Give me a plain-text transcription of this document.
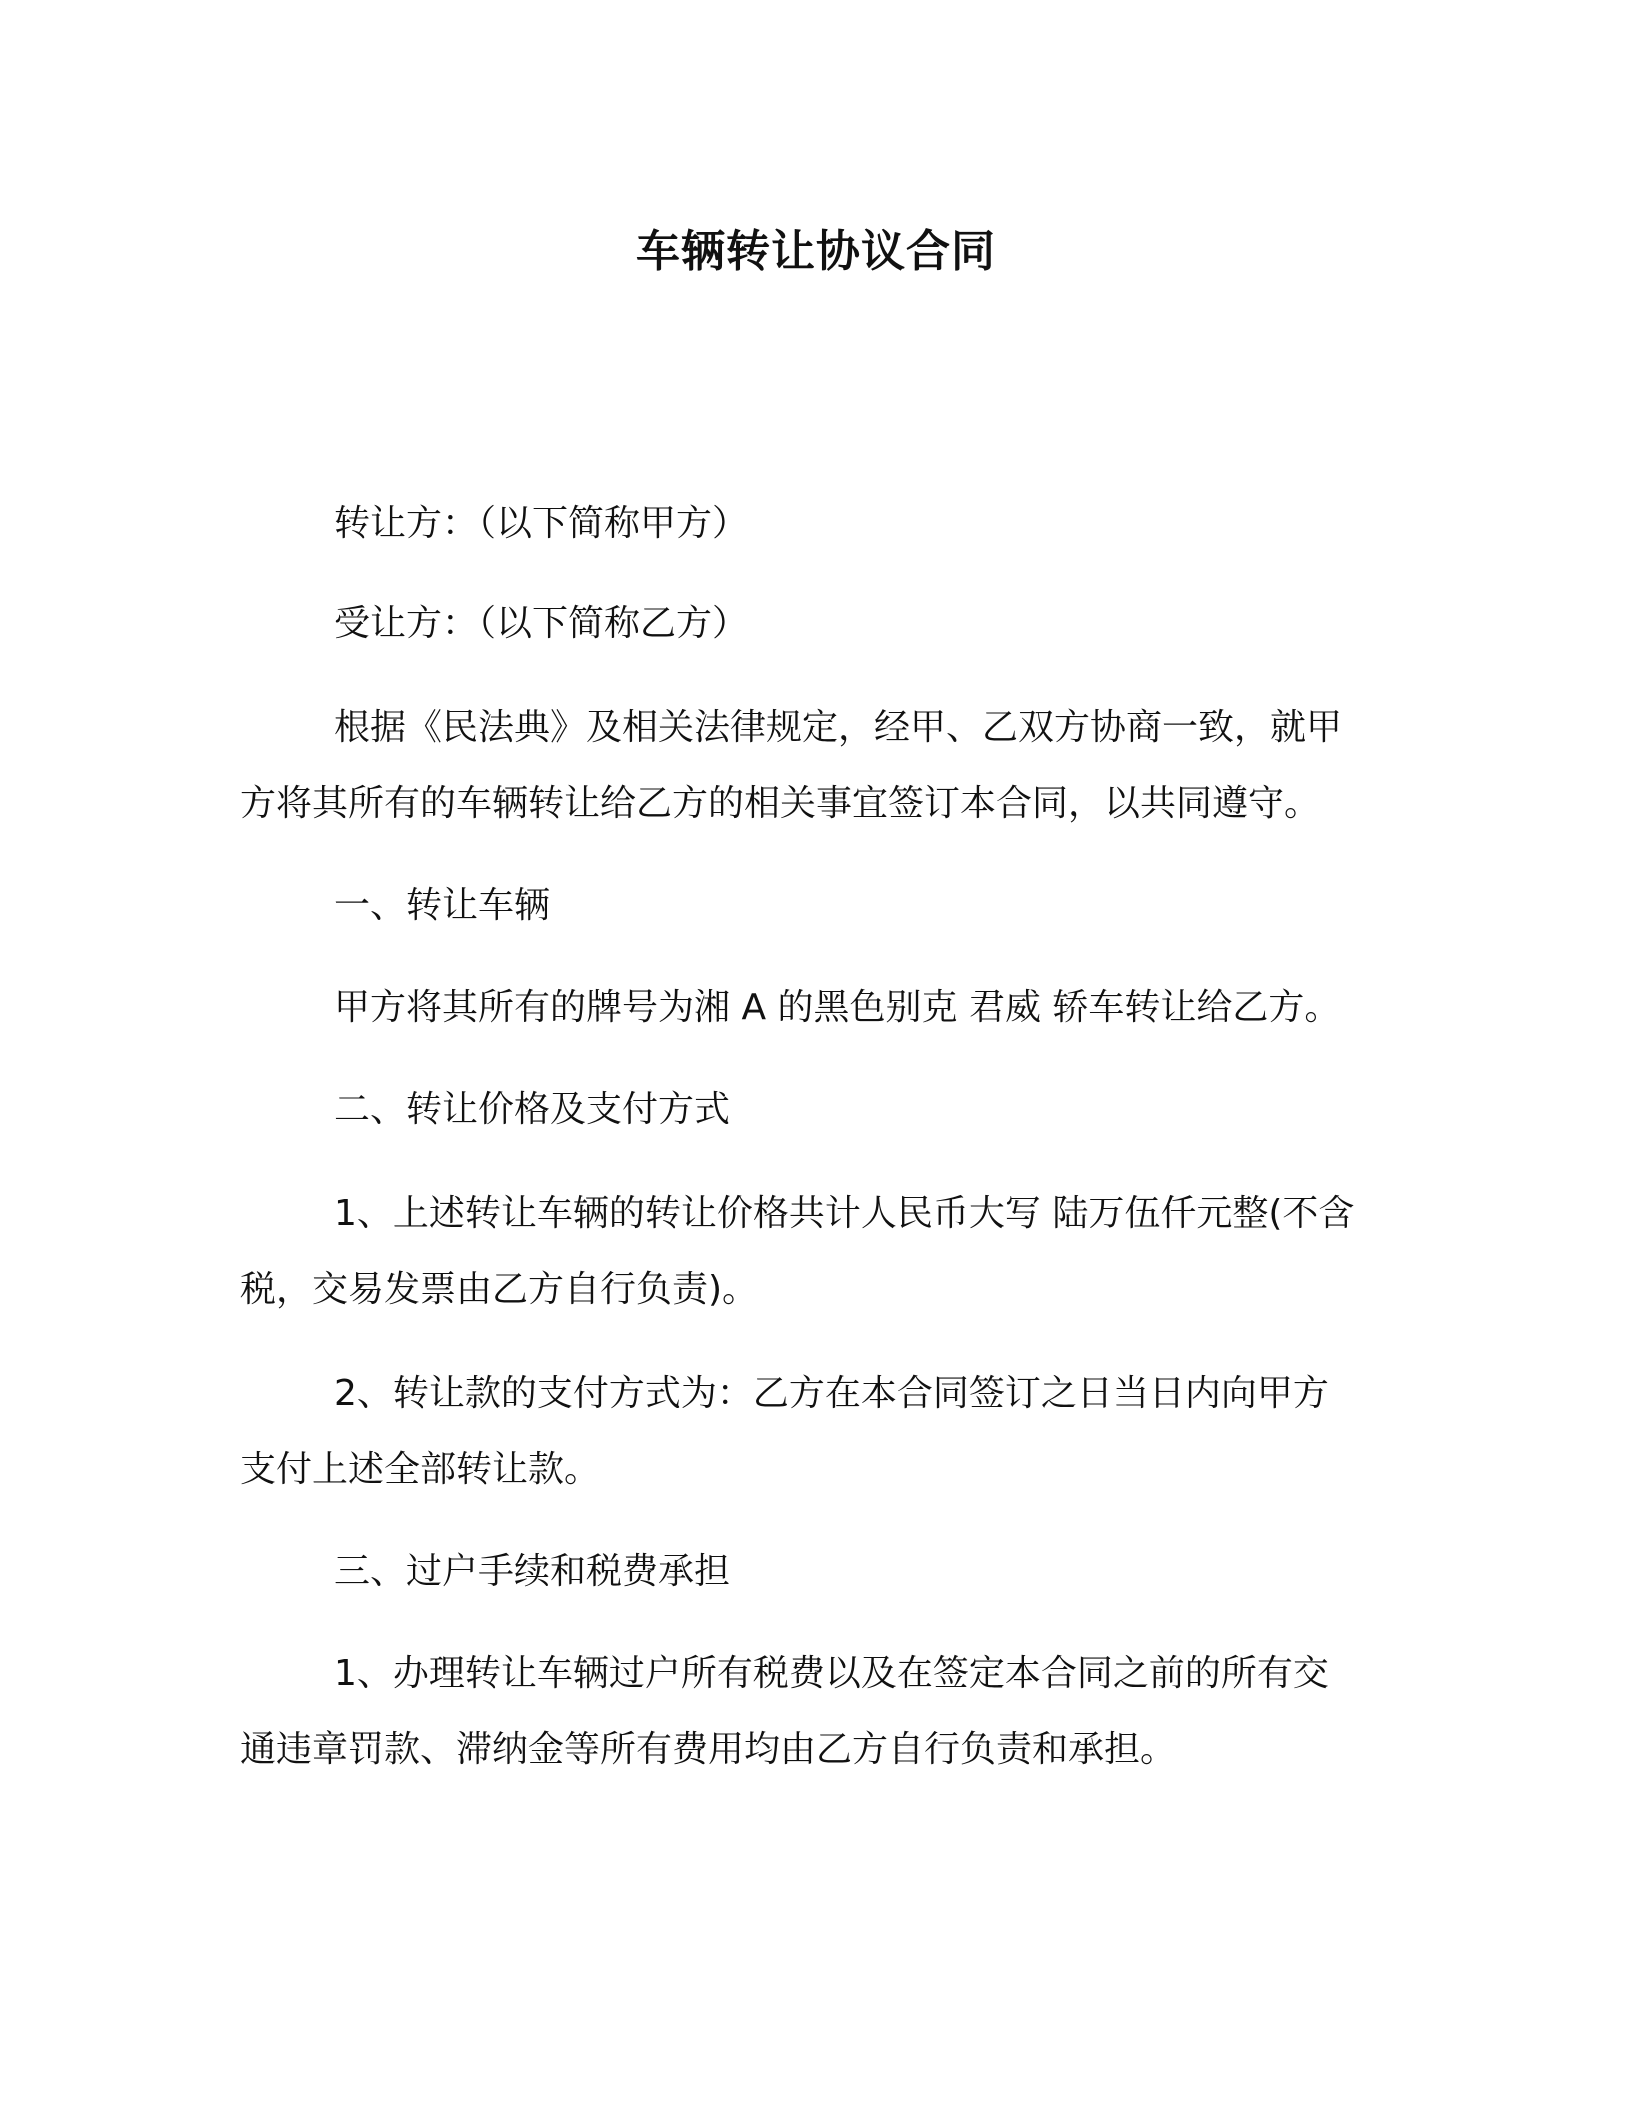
车辆转让协议合同

转让方：（以下简称甲方）

受让方：（以下简称乙方）

根据《民法典》及相关法律规定，经甲、乙双方协商一致，就甲
方将其所有的车辆转让给乙方的相关事宜签订本合同，以共同遵守。

一、转让车辆

甲方将其所有的牌号为湘 A 的黑色别克 君威 轿车转让给乙方。

二、转让价格及支付方式

1、上述转让车辆的转让价格共计人民币大写 陆万伍仟元整(不含
税，交易发票由乙方自行负责)。

2、转让款的支付方式为：乙方在本合同签订之日当日内向甲方
支付上述全部转让款。

三、过户手续和税费承担

1、办理转让车辆过户所有税费以及在签定本合同之前的所有交
通违章罚款、滞纳金等所有费用均由乙方自行负责和承担。
